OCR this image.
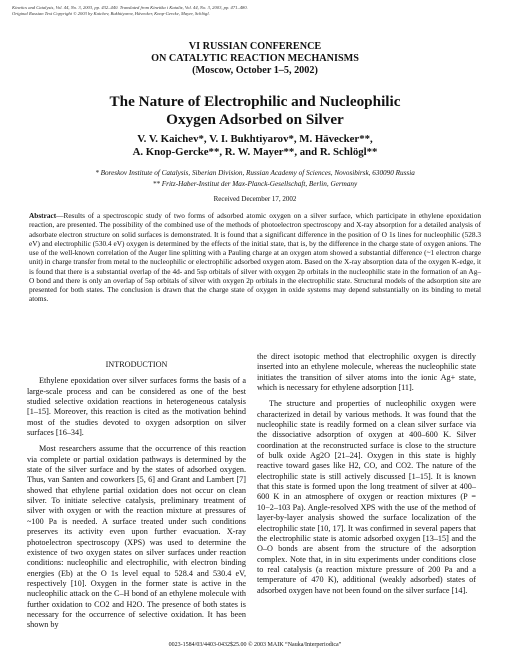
Kinetics and Catalysis, Vol. 44, No. 3, 2003, pp. 432–440. Translated from Kinetika i Kataliz, Vol. 44, No. 3, 2003, pp. 471–480.
Original Russian Text Copyright © 2003 by Kaichev, Bukhtiyarov, Hävecker, Knop-Gercke, Mayer, Schlögl.
VI RUSSIAN CONFERENCE
ON CATALYTIC REACTION MECHANISMS
(Moscow, October 1–5, 2002)
The Nature of Electrophilic and Nucleophilic
Oxygen Adsorbed on Silver
V. V. Kaichev*, V. I. Bukhtiyarov*, M. Hävecker**,
A. Knop-Gercke**, R. W. Mayer**, and R. Schlögl**
* Boreskov Institute of Catalysis, Siberian Division, Russian Academy of Sciences, Novosibirsk, 630090 Russia
** Fritz-Haber-Institut der Max-Planck-Gesellschaft, Berlin, Germany
Received December 17, 2002
Abstract—Results of a spectroscopic study of two forms of adsorbed atomic oxygen on a silver surface, which participate in ethylene epoxidation reaction, are presented. The possibility of the combined use of the methods of photoelectron spectroscopy and X-ray absorption for a detailed analysis of adsorbate electron structure on solid surfaces is demonstrated. It is found that a significant difference in the position of O 1s lines for nucleophilic (528.3 eV) and electrophilic (530.4 eV) oxygen is determined by the effects of the initial state, that is, by the difference in the charge state of oxygen anions. The use of the well-known correlation of the Auger line splitting with a Pauling charge at an oxygen atom showed a substantial difference (~1 electron charge unit) in charge transfer from metal to the nucleophilic or electrophilic adsorbed oxygen atom. Based on the X-ray absorption data of the oxygen K-edge, it is found that there is a substantial overlap of the 4d- and 5sp orbitals of silver with oxygen 2p orbitals in the nucleophilic state in the formation of an Ag–O bond and there is only an overlap of 5sp orbitals of silver with oxygen 2p orbitals in the electrophilic state. Structural models of the adsorption site are presented for both states. The conclusion is drawn that the charge state of oxygen in oxide systems may depend substantially on its binding to metal atoms.
INTRODUCTION

Ethylene epoxidation over silver surfaces forms the basis of a large-scale process and can be considered as one of the best studied selective oxidation reactions in heterogeneous catalysis [1–15]. Moreover, this reaction is cited as the motivation behind most of the studies devoted to oxygen adsorption on silver surfaces [16–34].

Most researchers assume that the occurrence of this reaction via complete or partial oxidation pathways is determined by the state of the silver surface and by the states of adsorbed oxygen. Thus, van Santen and coworkers [5, 6] and Grant and Lambert [7] showed that ethylene partial oxidation does not occur on clean silver. To initiate selective catalysis, preliminary treatment of silver with oxygen or with the reaction mixture at pressures of ~100 Pa is needed. A surface treated under such conditions preserves its activity even upon further evacuation. X-ray photoelectron spectroscopy (XPS) was used to determine the existence of two oxygen states on silver surfaces under reaction conditions: nucleophilic and electrophilic, with electron binding energies (Eb) at the O 1s level equal to 528.4 and 530.4 eV, respectively [10]. Oxygen in the former state is active in the nucleophilic attack on the C–H bond of an ethylene molecule with further oxidation to CO2 and H2O. The presence of both states is necessary for the occurrence of selective oxidation. It has been shown by

the direct isotopic method that electrophilic oxygen is directly inserted into an ethylene molecule, whereas the nucleophilic state initiates the transition of silver atoms into the ionic Ag+ state, which is necessary for ethylene adsorption [11].

The structure and properties of nucleophilic oxygen were characterized in detail by various methods. It was found that the nucleophilic state is readily formed on a clean silver surface via the dissociative adsorption of oxygen at 400–600 K. Silver coordination at the reconstructed surface is close to the structure of bulk oxide Ag2O [21–24]. Oxygen in this state is highly reactive toward gases like H2, CO, and CO2. The nature of the electrophilic state is still actively discussed [1–15]. It is known that this state is formed upon the long treatment of silver at 400–600 K in an atmosphere of oxygen or reaction mixtures (P = 10−2–103 Pa). Angle-resolved XPS with the use of the method of layer-by-layer analysis showed the surface localization of the electrophilic state [10, 17]. It was confirmed in several papers that the electrophilic state is atomic adsorbed oxygen [13–15] and the O–O bonds are absent from the structure of the adsorption complex. Note that, in in situ experiments under conditions close to real catalysis (a reaction mixture pressure of 200 Pa and a temperature of 470 K), additional (weakly adsorbed) states of adsorbed oxygen have not been found on the silver surface [14].

0023-1584/03/4403-0432$25.00 © 2003 MAIK “Nauka/Interperiodica”
